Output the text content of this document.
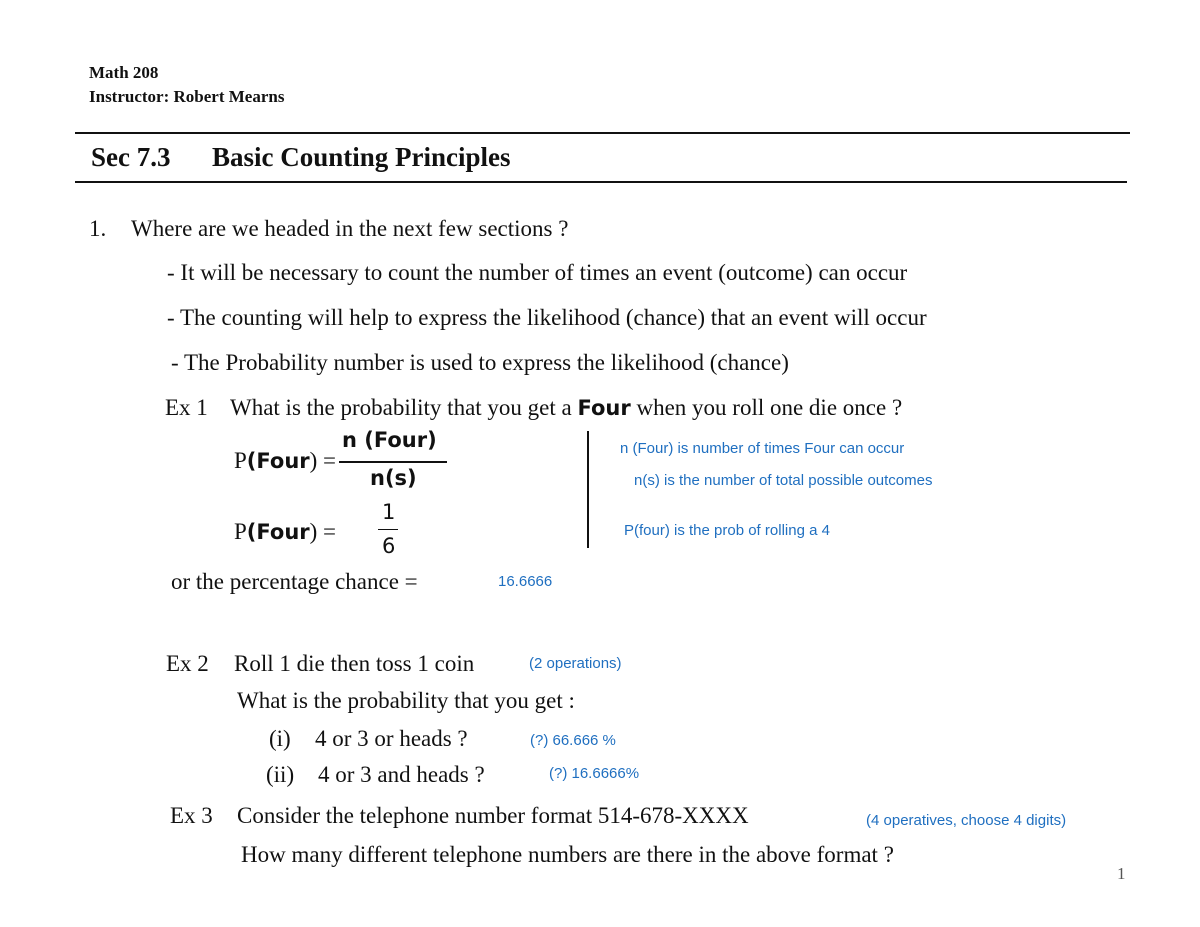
Math 208
Instructor: Robert Mearns
Sec 7.3 Basic Counting Principles
1. Where are we headed in the next few sections ?
- It will be necessary to count the number of times an event (outcome) can occur
- The counting will help to express the likelihood (chance) that an event will occur
- The Probability number is used to express the likelihood (chance)
Ex 1 What is the probability that you get a Four when you roll one die once ?
P(Four) =
n (Four)
n(s)
P(Four) =
1
6
n (Four) is number of times Four can occur
n(s) is the number of total possible outcomes
P(four) is the prob of rolling a 4
or the percentage chance =	16.6666
Ex 2 Roll 1 die then toss 1 coin	(2 operations)
What is the probability that you get :
(i) 4 or 3 or heads ?	(?) 66.666 %
(ii) 4 or 3 and heads ?	(?) 16.6666%
Ex 3 Consider the telephone number format 514-678-XXXX	(4 operatives, choose 4 digits)
How many different telephone numbers are there in the above format ?
1
